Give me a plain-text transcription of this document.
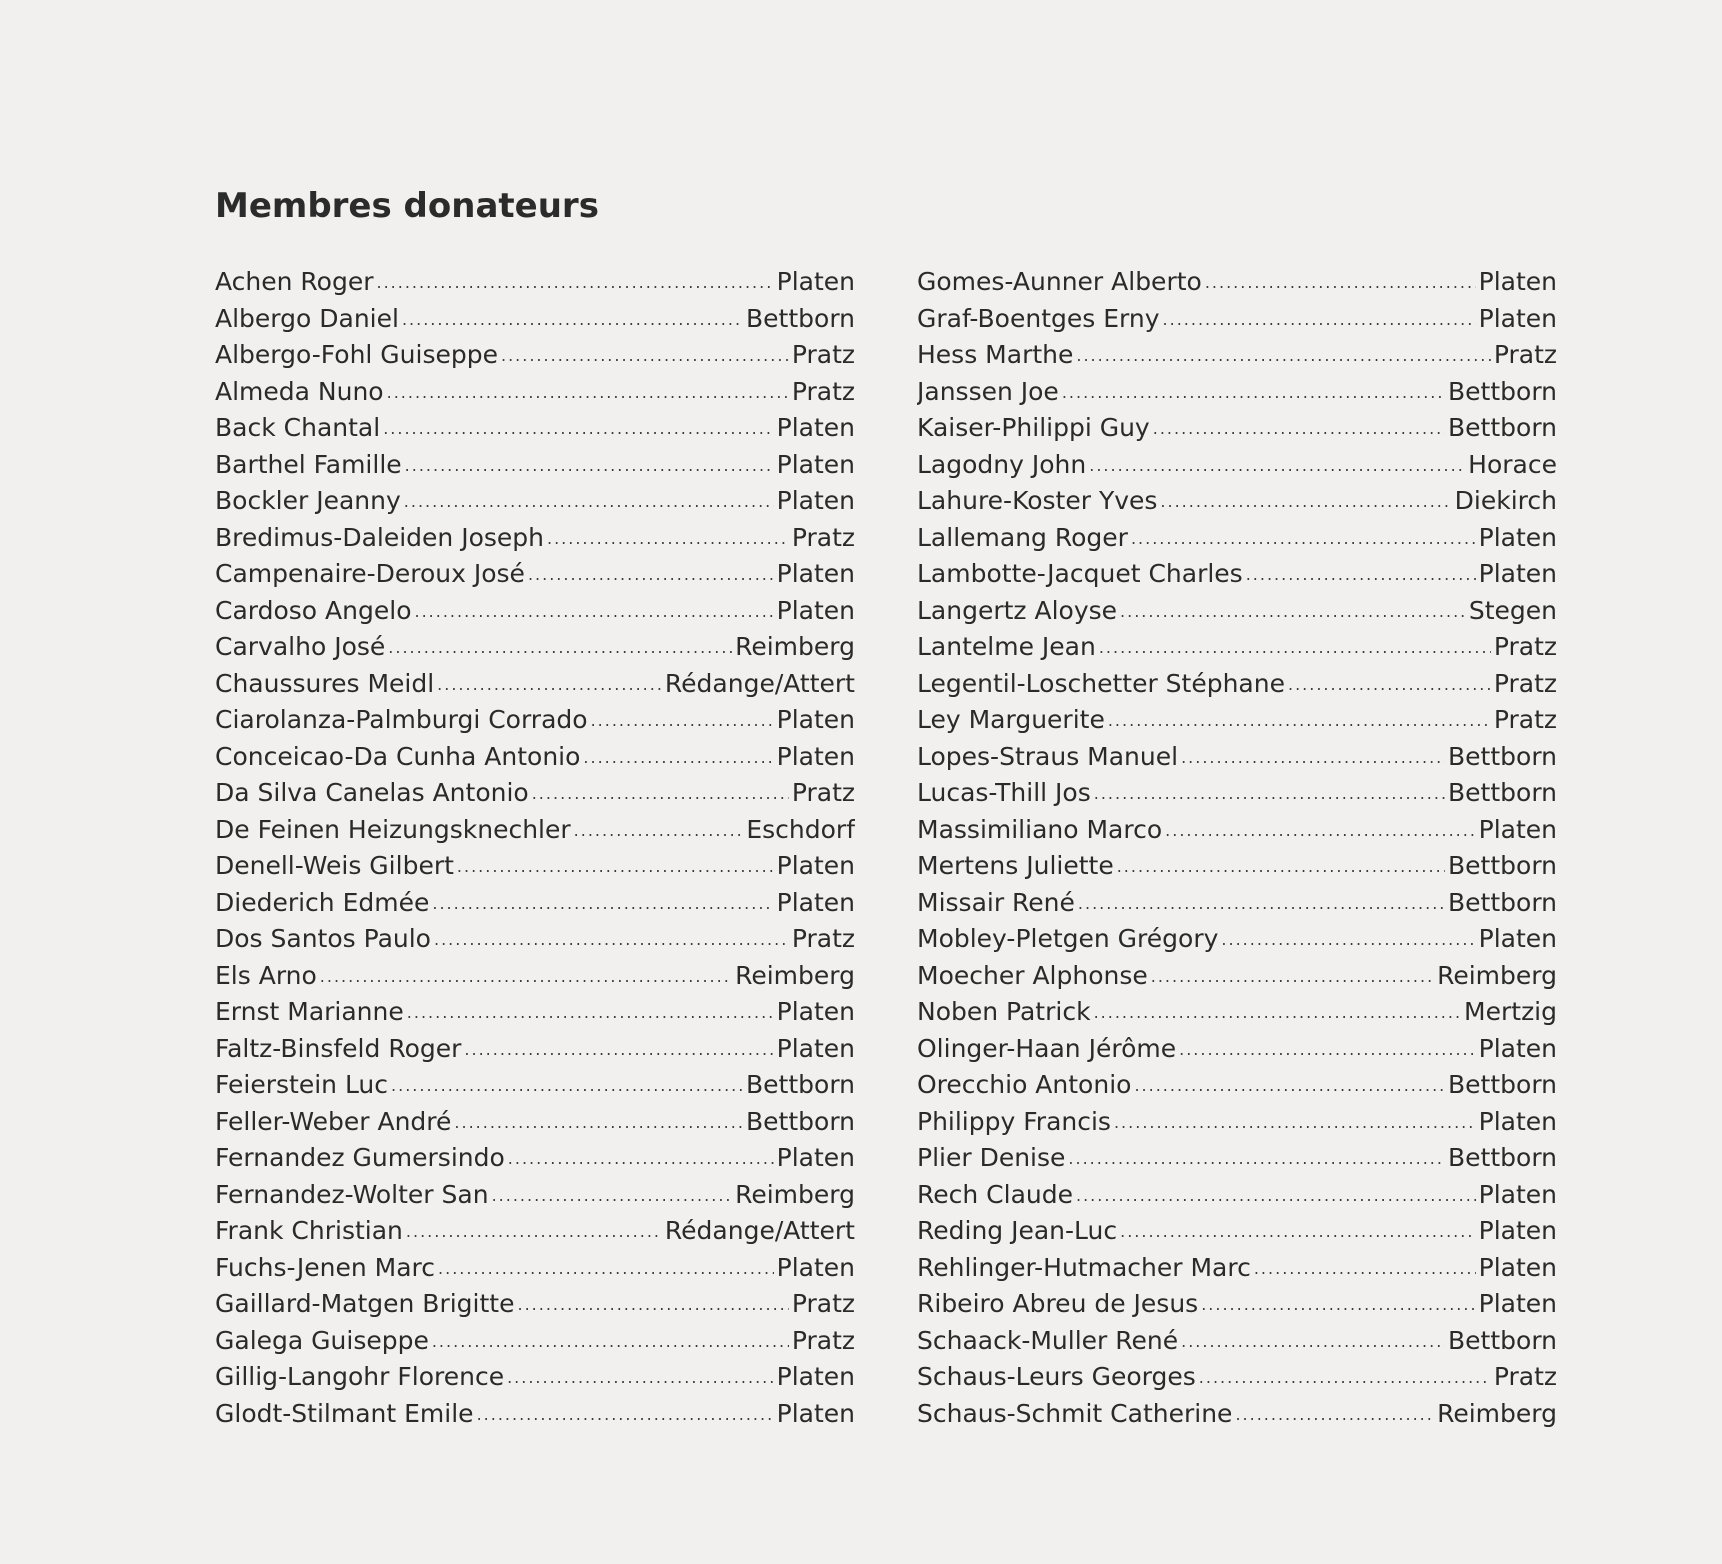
Membres donateurs
Achen Roger .....	Platen
Albergo Daniel .....	Bettborn
Albergo-Fohl Guiseppe .....	Pratz
Almeda Nuno .....	Pratz
Back Chantal .....	Platen
Barthel Famille .....	Platen
Bockler Jeanny .....	Platen
Bredimus-Daleiden Joseph .....	Pratz
Campenaire-Deroux José .....	Platen
Cardoso Angelo .....	Platen
Carvalho José .....	Reimberg
Chaussures Meidl .....	Rédange/Attert
Ciarolanza-Palmburgi Corrado .....	Platen
Conceicao-Da Cunha Antonio .....	Platen
Da Silva Canelas Antonio .....	Pratz
De Feinen Heizungsknechler .....	Eschdorf
Denell-Weis Gilbert .....	Platen
Diederich Edmée .....	Platen
Dos Santos Paulo .....	Pratz
Els Arno .....	Reimberg
Ernst Marianne .....	Platen
Faltz-Binsfeld Roger .....	Platen
Feierstein Luc .....	Bettborn
Feller-Weber André .....	Bettborn
Fernandez Gumersindo .....	Platen
Fernandez-Wolter San .....	Reimberg
Frank Christian .....	Rédange/Attert
Fuchs-Jenen Marc .....	Platen
Gaillard-Matgen Brigitte .....	Pratz
Galega Guiseppe .....	Pratz
Gillig-Langohr Florence .....	Platen
Glodt-Stilmant Emile .....	Platen
Gomes-Aunner Alberto .....	Platen
Graf-Boentges Erny .....	Platen
Hess Marthe .....	Pratz
Janssen Joe .....	Bettborn
Kaiser-Philippi Guy .....	Bettborn
Lagodny John .....	Horace
Lahure-Koster Yves .....	Diekirch
Lallemang Roger .....	Platen
Lambotte-Jacquet Charles .....	Platen
Langertz Aloyse .....	Stegen
Lantelme Jean .....	Pratz
Legentil-Loschetter Stéphane .....	Pratz
Ley Marguerite .....	Pratz
Lopes-Straus Manuel .....	Bettborn
Lucas-Thill Jos .....	Bettborn
Massimiliano Marco .....	Platen
Mertens Juliette .....	Bettborn
Missair René .....	Bettborn
Mobley-Pletgen Grégory .....	Platen
Moecher Alphonse .....	Reimberg
Noben Patrick .....	Mertzig
Olinger-Haan Jérôme .....	Platen
Orecchio Antonio .....	Bettborn
Philippy Francis .....	Platen
Plier Denise .....	Bettborn
Rech Claude .....	Platen
Reding Jean-Luc .....	Platen
Rehlinger-Hutmacher Marc .....	Platen
Ribeiro Abreu de Jesus .....	Platen
Schaack-Muller René .....	Bettborn
Schaus-Leurs Georges .....	Pratz
Schaus-Schmit Catherine .....	Reimberg
